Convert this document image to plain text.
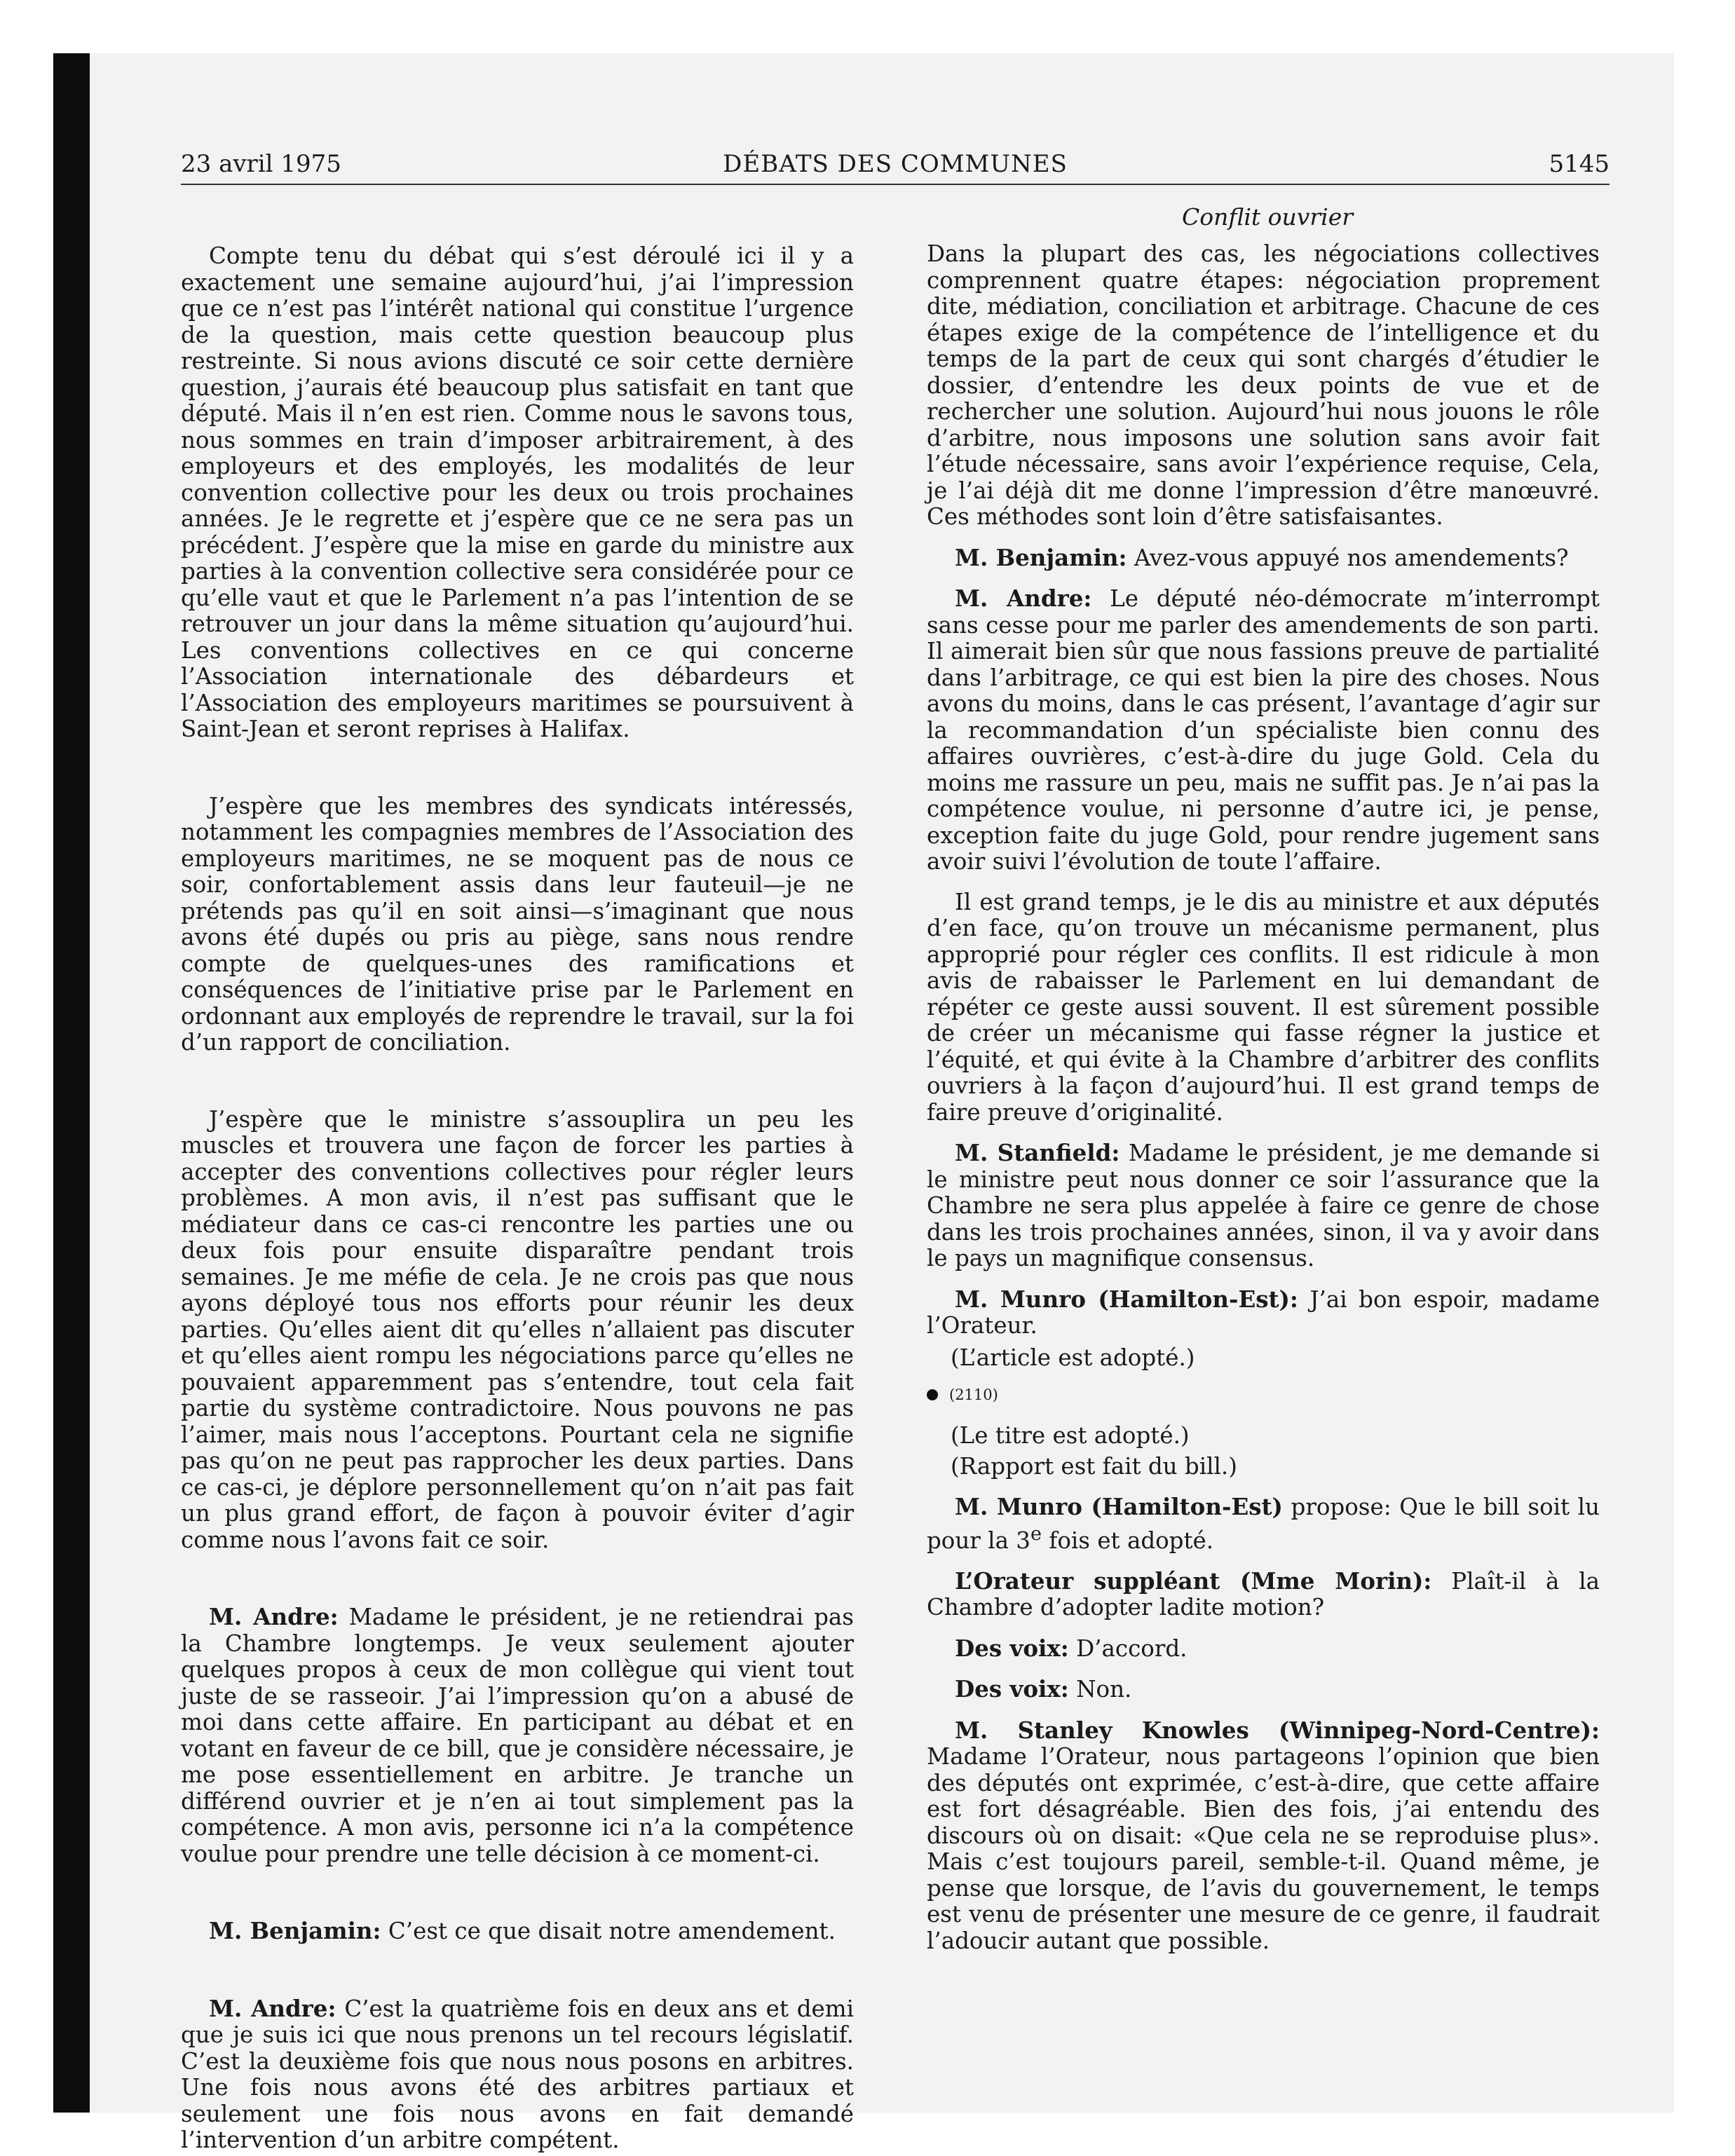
23 avril 1975	DÉBATS DES COMMUNES	5145
Conflit ouvrier

Compte tenu du débat qui s’est déroulé ici il y a exactement une semaine aujourd’hui, j’ai l’impression que ce n’est pas l’intérêt national qui constitue l’urgence de la question, mais cette question beaucoup plus restreinte. Si nous avions discuté ce soir cette dernière question, j’aurais été beaucoup plus satisfait en tant que député. Mais il n’en est rien. Comme nous le savons tous, nous sommes en train d’imposer arbitrairement, à des employeurs et des employés, les modalités de leur convention collective pour les deux ou trois prochaines années. Je le regrette et j’espère que ce ne sera pas un précédent. J’espère que la mise en garde du ministre aux parties à la convention collective sera considérée pour ce qu’elle vaut et que le Parlement n’a pas l’intention de se retrouver un jour dans la même situation qu’aujourd’hui. Les conventions collectives en ce qui concerne l’Association internationale des débardeurs et l’Association des employeurs maritimes se poursuivent à Saint-Jean et seront reprises à Halifax.

J’espère que les membres des syndicats intéressés, notamment les compagnies membres de l’Association des employeurs maritimes, ne se moquent pas de nous ce soir, confortablement assis dans leur fauteuil—je ne prétends pas qu’il en soit ainsi—s’imaginant que nous avons été dupés ou pris au piège, sans nous rendre compte de quelques-unes des ramifications et conséquences de l’initiative prise par le Parlement en ordonnant aux employés de reprendre le travail, sur la foi d’un rapport de conciliation.

J’espère que le ministre s’assouplira un peu les muscles et trouvera une façon de forcer les parties à accepter des conventions collectives pour régler leurs problèmes. A mon avis, il n’est pas suffisant que le médiateur dans ce cas-ci rencontre les parties une ou deux fois pour ensuite disparaître pendant trois semaines. Je me méfie de cela. Je ne crois pas que nous ayons déployé tous nos efforts pour réunir les deux parties. Qu’elles aient dit qu’elles n’allaient pas discuter et qu’elles aient rompu les négociations parce qu’elles ne pouvaient apparemment pas s’entendre, tout cela fait partie du système contradictoire. Nous pouvons ne pas l’aimer, mais nous l’acceptons. Pourtant cela ne signifie pas qu’on ne peut pas rapprocher les deux parties. Dans ce cas-ci, je déplore personnellement qu’on n’ait pas fait un plus grand effort, de façon à pouvoir éviter d’agir comme nous l’avons fait ce soir.

M. Andre: Madame le président, je ne retiendrai pas la Chambre longtemps. Je veux seulement ajouter quelques propos à ceux de mon collègue qui vient tout juste de se rasseoir. J’ai l’impression qu’on a abusé de moi dans cette affaire. En participant au débat et en votant en faveur de ce bill, que je considère nécessaire, je me pose essentiellement en arbitre. Je tranche un différend ouvrier et je n’en ai tout simplement pas la compétence. A mon avis, personne ici n’a la compétence voulue pour prendre une telle décision à ce moment-ci.

M. Benjamin: C’est ce que disait notre amendement.

M. Andre: C’est la quatrième fois en deux ans et demi que je suis ici que nous prenons un tel recours législatif. C’est la deuxième fois que nous nous posons en arbitres. Une fois nous avons été des arbitres partiaux et seulement une fois nous avons en fait demandé l’intervention d’un arbitre compétent.

Dans la plupart des cas, les négociations collectives comprennent quatre étapes: négociation proprement dite, médiation, conciliation et arbitrage. Chacune de ces étapes exige de la compétence de l’intelligence et du temps de la part de ceux qui sont chargés d’étudier le dossier, d’entendre les deux points de vue et de rechercher une solution. Aujourd’hui nous jouons le rôle d’arbitre, nous imposons une solution sans avoir fait l’étude nécessaire, sans avoir l’expérience requise, Cela, je l’ai déjà dit me donne l’impression d’être manœuvré. Ces méthodes sont loin d’être satisfaisantes.

M. Benjamin: Avez-vous appuyé nos amendements?

M. Andre: Le député néo-démocrate m’interrompt sans cesse pour me parler des amendements de son parti. Il aimerait bien sûr que nous fassions preuve de partialité dans l’arbitrage, ce qui est bien la pire des choses. Nous avons du moins, dans le cas présent, l’avantage d’agir sur la recommandation d’un spécialiste bien connu des affaires ouvrières, c’est-à-dire du juge Gold. Cela du moins me rassure un peu, mais ne suffit pas. Je n’ai pas la compétence voulue, ni personne d’autre ici, je pense, exception faite du juge Gold, pour rendre jugement sans avoir suivi l’évolution de toute l’affaire.

Il est grand temps, je le dis au ministre et aux députés d’en face, qu’on trouve un mécanisme permanent, plus approprié pour régler ces conflits. Il est ridicule à mon avis de rabaisser le Parlement en lui demandant de répéter ce geste aussi souvent. Il est sûrement possible de créer un mécanisme qui fasse régner la justice et l’équité, et qui évite à la Chambre d’arbitrer des conflits ouvriers à la façon d’aujourd’hui. Il est grand temps de faire preuve d’originalité.

M. Stanfield: Madame le président, je me demande si le ministre peut nous donner ce soir l’assurance que la Chambre ne sera plus appelée à faire ce genre de chose dans les trois prochaines années, sinon, il va y avoir dans le pays un magnifique consensus.

M. Munro (Hamilton-Est): J’ai bon espoir, madame l’Orateur.

(L’article est adopté.)

(2110)

(Le titre est adopté.)

(Rapport est fait du bill.)

M. Munro (Hamilton-Est) propose: Que le bill soit lu pour la 3e fois et adopté.

L’Orateur suppléant (Mme Morin): Plaît-il à la Chambre d’adopter ladite motion?

Des voix: D’accord.

Des voix: Non.

M. Stanley Knowles (Winnipeg-Nord-Centre): Madame l’Orateur, nous partageons l’opinion que bien des députés ont exprimée, c’est-à-dire, que cette affaire est fort désagréable. Bien des fois, j’ai entendu des discours où on disait: «Que cela ne se reproduise plus». Mais c’est toujours pareil, semble-t-il. Quand même, je pense que lorsque, de l’avis du gouvernement, le temps est venu de présenter une mesure de ce genre, il faudrait l’adoucir autant que possible.
